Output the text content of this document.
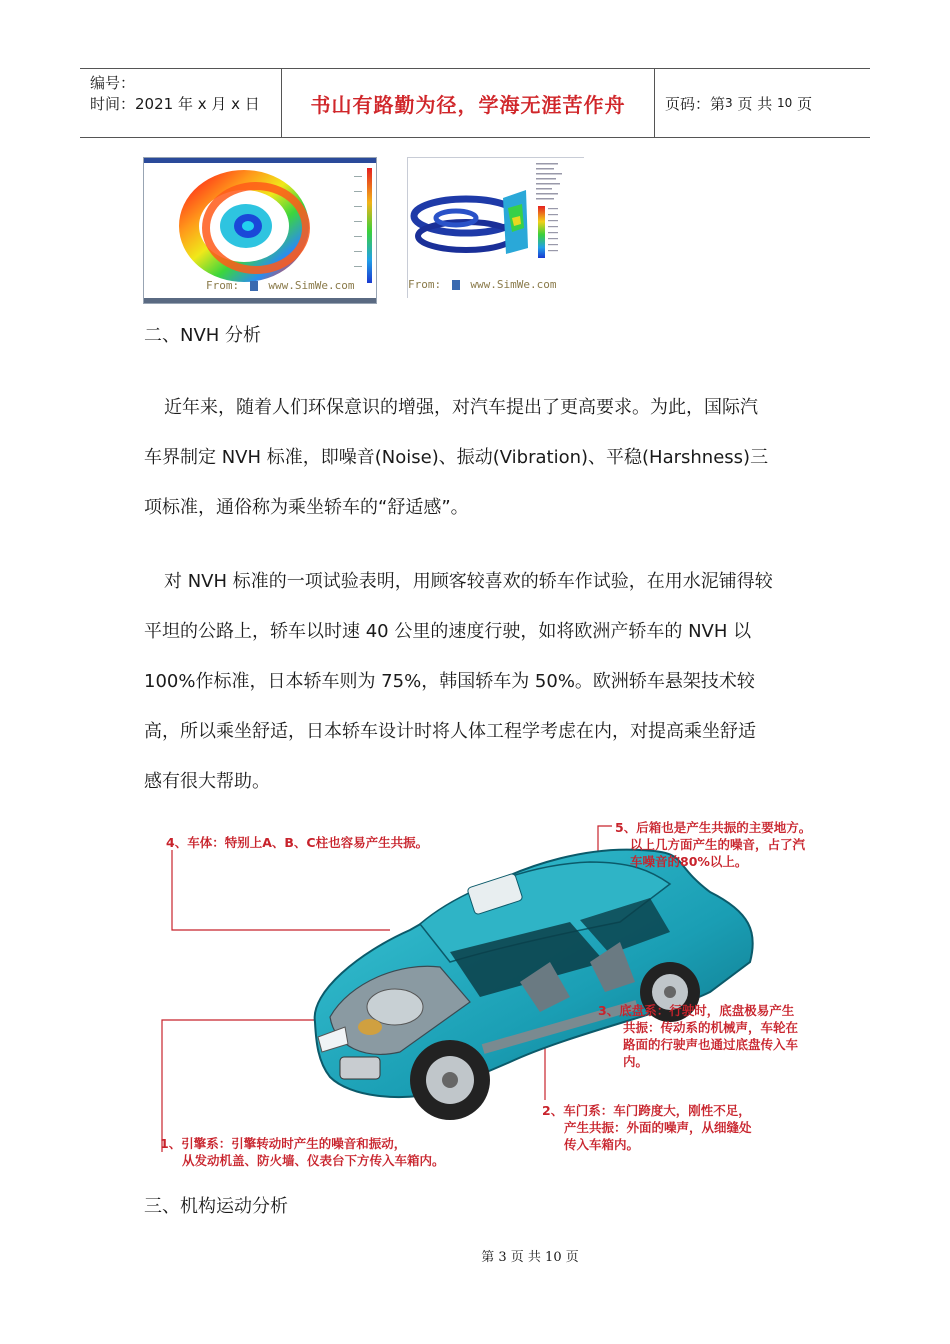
编号：
时间：2021 年 x 月 x 日	书山有路勤为径，学海无涯苦作舟	页码：第 3
页 共
10
页
From:	www.SimWe.com	From:	www.SimWe.com
二、NVH 分析

近年来，随着人们环保意识的增强，对汽车提出了更高要求。为此，国际汽

车界制定 NVH 标准，即噪音(Noise)、振动(Vibration)、平稳(Harshness)三

项标准，通俗称为乘坐轿车的“舒适感”。

对 NVH 标准的一项试验表明，用顾客较喜欢的轿车作试验，在用水泥铺得较

平坦的公路上，轿车以时速 40 公里的速度行驶，如将欧洲产轿车的 NVH 以

100%作标准，日本轿车则为 75%，韩国轿车为 50%。欧洲轿车悬架技术较

高，所以乘坐舒适，日本轿车设计时将人体工程学考虑在内，对提高乘坐舒适

感有很大帮助。

4、车体：特别上A、B、C柱也容易产生共振。
5、后箱也是产生共振的主要地方。
以上几方面产生的噪音，占了汽
车噪音的80%以上。
3、底盘系：行驶时，底盘极易产生
共振：传动系的机械声，车轮在
路面的行驶声也通过底盘传入车
内。
2、车门系：车门跨度大，刚性不足，
产生共振：外面的噪声，从细缝处
传入车箱内。
1、引擎系：引擎转动时产生的噪音和振动，
从发动机盖、防火墙、仪表台下方传入车箱内。
三、机构运动分析
第 3 页 共 10 页
